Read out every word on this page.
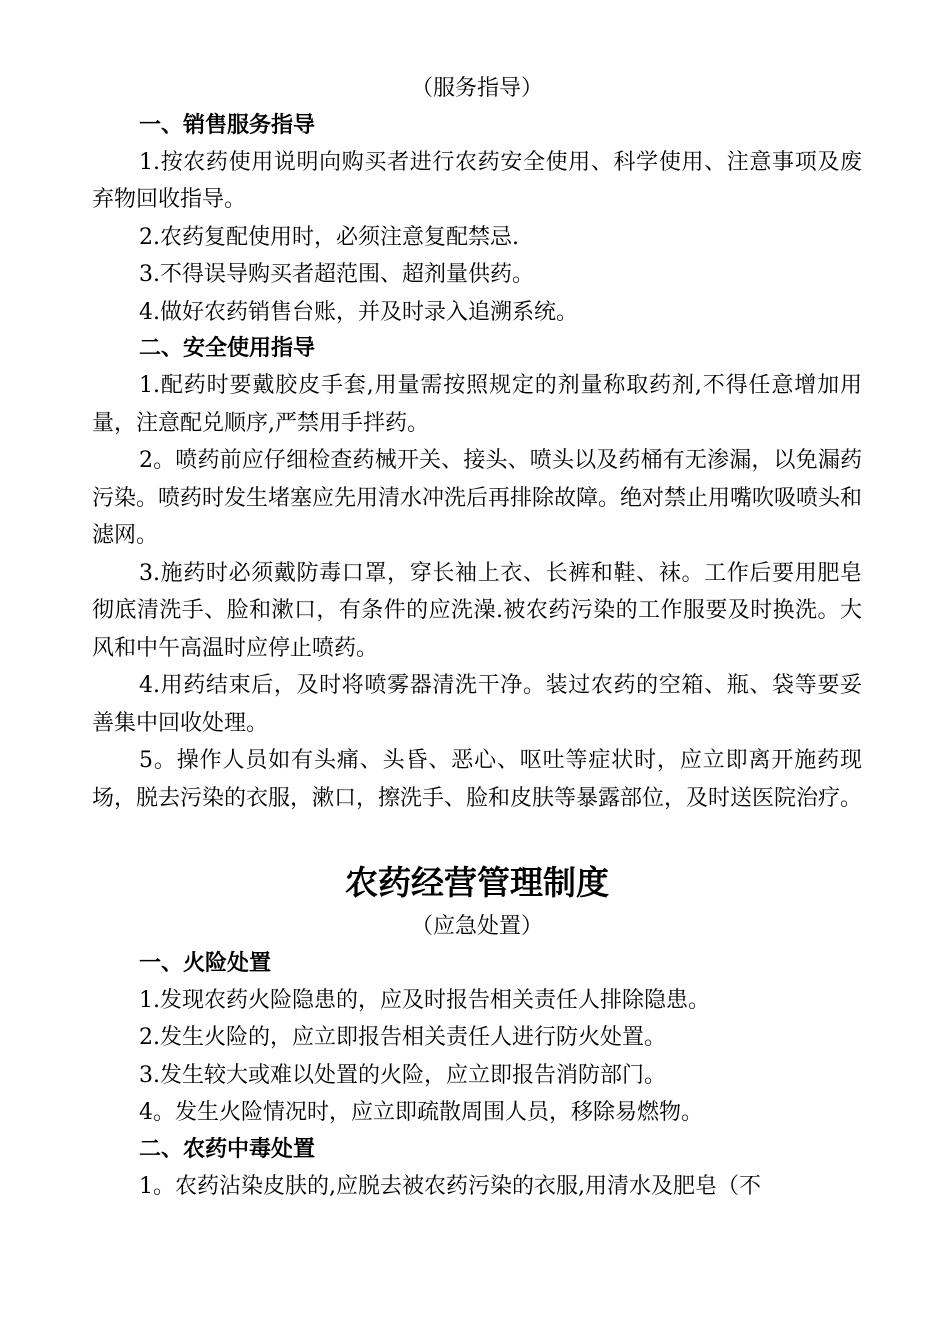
（服务指导）

一、销售服务指导

1.按农药使用说明向购买者进行农药安全使用、科学使用、注意事项及废弃物回收指导。

2.农药复配使用时，必须注意复配禁忌.

3.不得误导购买者超范围、超剂量供药。

4.做好农药销售台账，并及时录入追溯系统。

二、安全使用指导

1.配药时要戴胶皮手套,用量需按照规定的剂量称取药剂,不得任意增加用量，注意配兑顺序,严禁用手拌药。

2。喷药前应仔细检查药械开关、接头、喷头以及药桶有无渗漏，以免漏药污染。喷药时发生堵塞应先用清水冲洗后再排除故障。绝对禁止用嘴吹吸喷头和滤网。

3.施药时必须戴防毒口罩，穿长袖上衣、长裤和鞋、袜。工作后要用肥皂彻底清洗手、脸和漱口，有条件的应洗澡.被农药污染的工作服要及时换洗。大风和中午高温时应停止喷药。

4.用药结束后，及时将喷雾器清洗干净。装过农药的空箱、瓶、袋等要妥善集中回收处理。

5。操作人员如有头痛、头昏、恶心、呕吐等症状时，应立即离开施药现场，脱去污染的衣服，漱口，擦洗手、脸和皮肤等暴露部位，及时送医院治疗。

农药经营管理制度

（应急处置）

一、火险处置

1.发现农药火险隐患的，应及时报告相关责任人排除隐患。

2.发生火险的，应立即报告相关责任人进行防火处置。

3.发生较大或难以处置的火险，应立即报告消防部门。

4。发生火险情况时，应立即疏散周围人员，移除易燃物。

二、农药中毒处置

1。农药沾染皮肤的,应脱去被农药污染的衣服,用清水及肥皂（不
